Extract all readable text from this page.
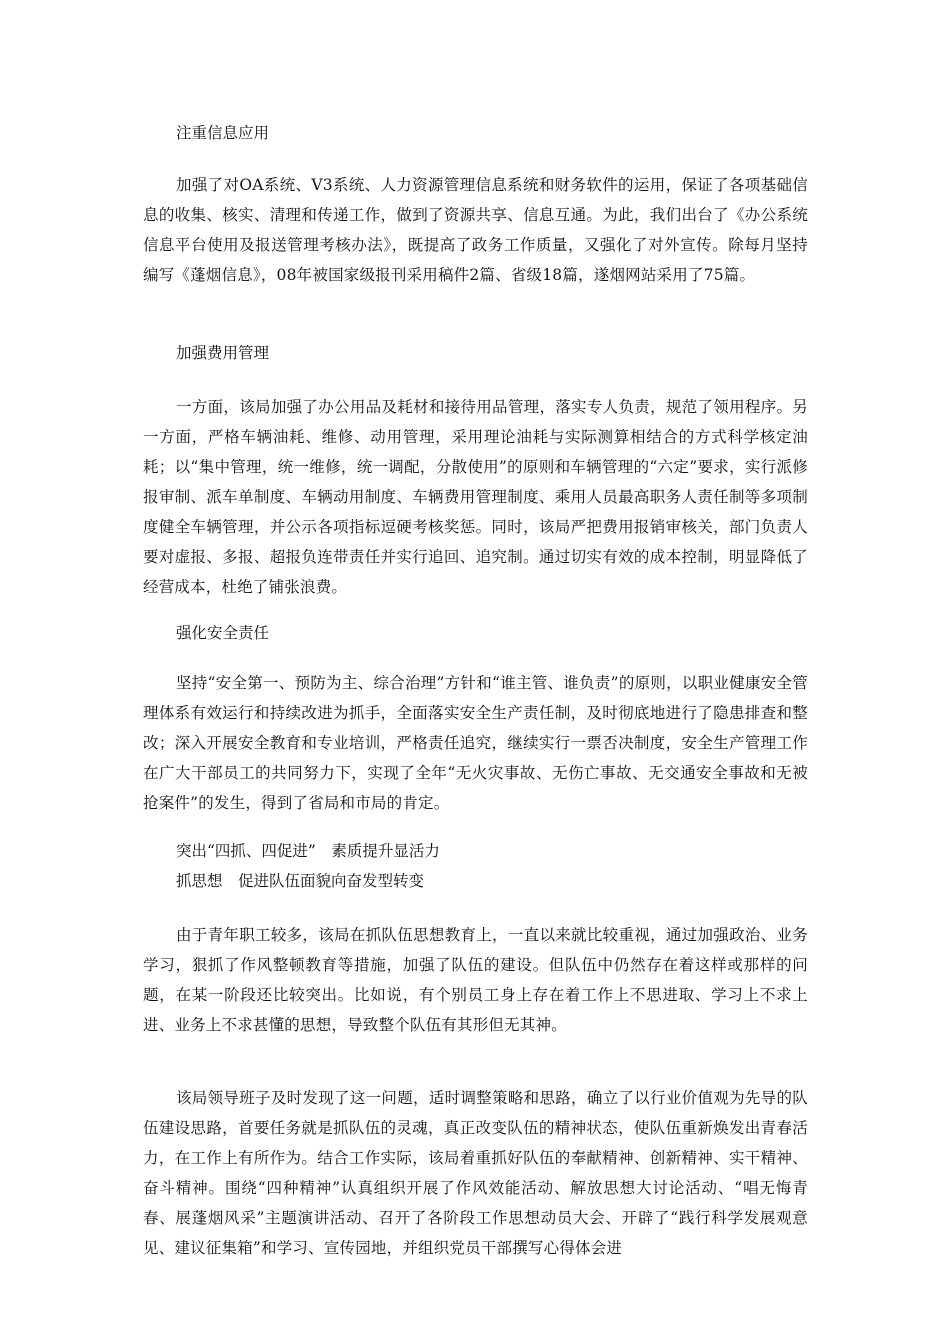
注重信息应用

加强了对OA系统、V3系统、人力资源管理信息系统和财务软件的运用，保证了各项基础信息的收集、核实、清理和传递工作，做到了资源共享、信息互通。为此，我们出台了《办公系统信息平台使用及报送管理考核办法》，既提高了政务工作质量，又强化了对外宣传。除每月坚持编写《蓬烟信息》，08年被国家级报刊采用稿件2篇、省级18篇，遂烟网站采用了75篇。

加强费用管理

一方面，该局加强了办公用品及耗材和接待用品管理，落实专人负责，规范了领用程序。另一方面，严格车辆油耗、维修、动用管理，采用理论油耗与实际测算相结合的方式科学核定油耗；以“集中管理，统一维修，统一调配，分散使用”的原则和车辆管理的“六定”要求，实行派修报审制、派车单制度、车辆动用制度、车辆费用管理制度、乘用人员最高职务人责任制等多项制度健全车辆管理，并公示各项指标逗硬考核奖惩。同时，该局严把费用报销审核关，部门负责人要对虚报、多报、超报负连带责任并实行追回、追究制。通过切实有效的成本控制，明显降低了经营成本，杜绝了铺张浪费。

强化安全责任

坚持“安全第一、预防为主、综合治理”方针和“谁主管、谁负责”的原则，以职业健康安全管理体系有效运行和持续改进为抓手，全面落实安全生产责任制，及时彻底地进行了隐患排查和整改；深入开展安全教育和专业培训，严格责任追究，继续实行一票否决制度，安全生产管理工作在广大干部员工的共同努力下，实现了全年“无火灾事故、无伤亡事故、无交通安全事故和无被抢案件”的发生，得到了省局和市局的肯定。

突出“四抓、四促进”　素质提升显活力
抓思想　促进队伍面貌向奋发型转变

由于青年职工较多，该局在抓队伍思想教育上，一直以来就比较重视，通过加强政治、业务学习，狠抓了作风整顿教育等措施，加强了队伍的建设。但队伍中仍然存在着这样或那样的问题，在某一阶段还比较突出。比如说，有个别员工身上存在着工作上不思进取、学习上不求上进、业务上不求甚懂的思想，导致整个队伍有其形但无其神。

该局领导班子及时发现了这一问题，适时调整策略和思路，确立了以行业价值观为先导的队伍建设思路，首要任务就是抓队伍的灵魂，真正改变队伍的精神状态，使队伍重新焕发出青春活力，在工作上有所作为。结合工作实际，该局着重抓好队伍的奉献精神、创新精神、实干精神、奋斗精神。围绕“四种精神”认真组织开展了作风效能活动、解放思想大讨论活动、“唱无悔青春、展蓬烟风采”主题演讲活动、召开了各阶段工作思想动员大会、开辟了“践行科学发展观意见、建议征集箱”和学习、宣传园地，并组织党员干部撰写心得体会进
